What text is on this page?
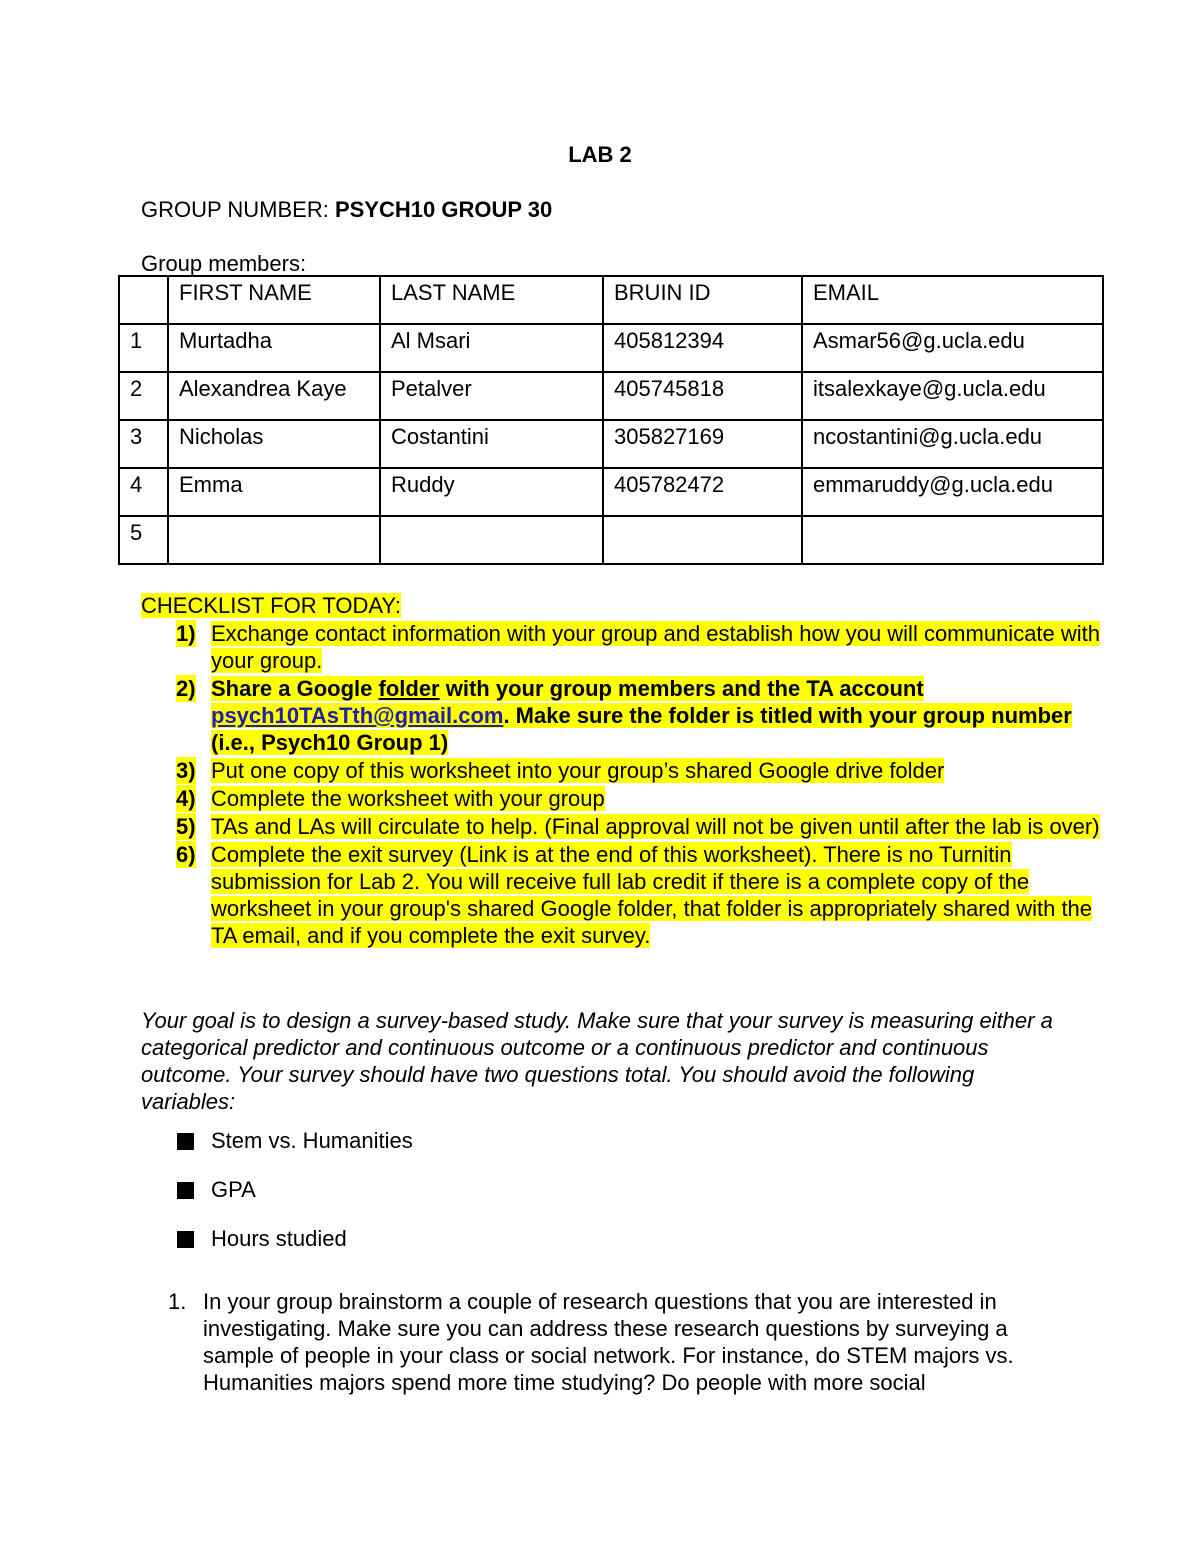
LAB 2
GROUP NUMBER: PSYCH10 GROUP 30
Group members:
	FIRST NAME	LAST NAME	BRUIN ID	EMAIL
1	Murtadha	Al Msari	405812394	Asmar56@g.ucla.edu
2	Alexandrea Kaye	Petalver	405745818	itsalexkaye@g.ucla.edu
3	Nicholas	Costantini	305827169	ncostantini@g.ucla.edu
4	Emma	Ruddy	405782472	emmaruddy@g.ucla.edu
5				
CHECKLIST FOR TODAY:
1) Exchange contact information with your group and establish how you will communicate with your group.
2) Share a Google folder with your group members and the TA account psych10TAsTth@gmail.com. Make sure the folder is titled with your group number (i.e., Psych10 Group 1)
3) Put one copy of this worksheet into your group’s shared Google drive folder
4) Complete the worksheet with your group
5) TAs and LAs will circulate to help. (Final approval will not be given until after the lab is over)
6) Complete the exit survey (Link is at the end of this worksheet). There is no Turnitin submission for Lab 2. You will receive full lab credit if there is a complete copy of the worksheet in your group's shared Google folder, that folder is appropriately shared with the TA email, and if you complete the exit survey.
Your goal is to design a survey-based study. Make sure that your survey is measuring either a categorical predictor and continuous outcome or a continuous predictor and continuous outcome. Your survey should have two questions total. You should avoid the following variables:
Stem vs. Humanities
GPA
Hours studied
1. In your group brainstorm a couple of research questions that you are interested in investigating. Make sure you can address these research questions by surveying a sample of people in your class or social network. For instance, do STEM majors vs. Humanities majors spend more time studying? Do people with more social
